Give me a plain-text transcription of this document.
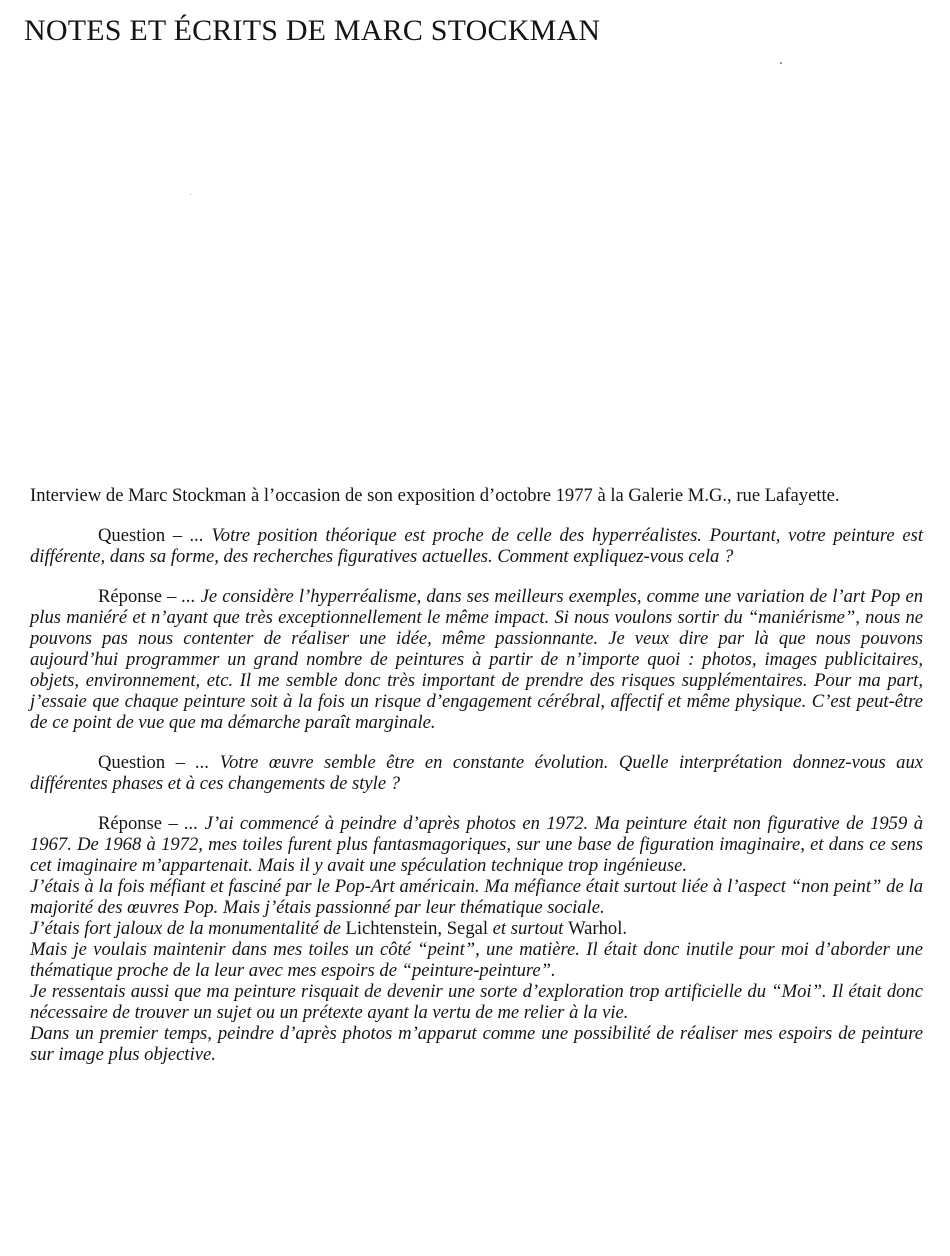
NOTES ET ÉCRITS DE MARC STOCKMAN

Interview de Marc Stockman à l’occasion de son exposition d’octobre 1977 à la Galerie M.G., rue Lafayette.

Question – ... Votre position théorique est proche de celle des hyperréalistes. Pourtant, votre peinture est différente, dans sa forme, des recherches figuratives actuelles. Comment expliquez-vous cela ?

Réponse – ... Je considère l’hyperréalisme, dans ses meilleurs exemples, comme une variation de l’art Pop en plus maniéré et n’ayant que très exceptionnellement le même impact. Si nous voulons sortir du “maniérisme”, nous ne pouvons pas nous contenter de réaliser une idée, même passionnante. Je veux dire par là que nous pouvons aujourd’hui programmer un grand nombre de peintures à partir de n’importe quoi : photos, images publicitaires, objets, environnement, etc. Il me semble donc très important de prendre des risques supplémentaires. Pour ma part, j’essaie que chaque peinture soit à la fois un risque d’engagement cérébral, affectif et même physique. C’est peut-être de ce point de vue que ma démarche paraît marginale.

Question – ... Votre œuvre semble être en constante évolution. Quelle interprétation donnez-vous aux différentes phases et à ces changements de style ?

Réponse – ... J’ai commencé à peindre d’après photos en 1972. Ma peinture était non figurative de 1959 à 1967. De 1968 à 1972, mes toiles furent plus fantasmagoriques, sur une base de figuration imaginaire, et dans ce sens cet imaginaire m’appartenait. Mais il y avait une spéculation technique trop ingénieuse.

J’étais à la fois méfiant et fasciné par le Pop-Art américain. Ma méfiance était surtout liée à l’aspect “non peint” de la majorité des œuvres Pop. Mais j’étais passionné par leur thématique sociale.

J’étais fort jaloux de la monumentalité de Lichtenstein, Segal et surtout Warhol.

Mais je voulais maintenir dans mes toiles un côté “peint”, une matière. Il était donc inutile pour moi d’aborder une thématique proche de la leur avec mes espoirs de “peinture-peinture”.

Je ressentais aussi que ma peinture risquait de devenir une sorte d’exploration trop artificielle du “Moi”. Il était donc nécessaire de trouver un sujet ou un prétexte ayant la vertu de me relier à la vie.

Dans un premier temps, peindre d’après photos m’apparut comme une possibilité de réaliser mes espoirs de peinture sur image plus objective.
